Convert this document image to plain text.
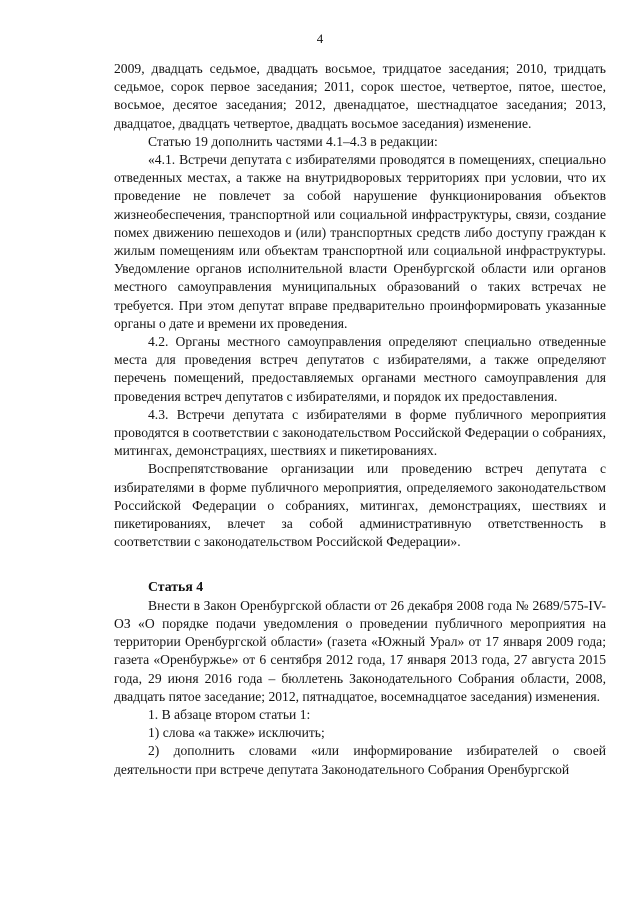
4

2009, двадцать седьмое, двадцать восьмое, тридцатое заседания; 2010, тридцать седьмое, сорок первое заседания; 2011, сорок шестое, четвертое, пятое, шестое, восьмое, десятое заседания; 2012, двенадцатое, шестнадцатое заседания; 2013, двадцатое, двадцать четвертое, двадцать восьмое заседания) изменение.

Статью 19 дополнить частями 4.1–4.3 в редакции:

«4.1. Встречи депутата с избирателями проводятся в помещениях, специально отведенных местах, а также на внутридворовых территориях при условии, что их проведение не повлечет за собой нарушение функционирования объектов жизнеобеспечения, транспортной или социальной инфраструктуры, связи, создание помех движению пешеходов и (или) транспортных средств либо доступу граждан к жилым помещениям или объектам транспортной или социальной инфраструктуры. Уведомление органов исполнительной власти Оренбургской области или органов местного самоуправления муниципальных образований о таких встречах не требуется. При этом депутат вправе предварительно проинформировать указанные органы о дате и времени их проведения.

4.2. Органы местного самоуправления определяют специально отведенные места для проведения встреч депутатов с избирателями, а также определяют перечень помещений, предоставляемых органами местного самоуправления для проведения встреч депутатов с избирателями, и порядок их предоставления.

4.3. Встречи депутата с избирателями в форме публичного мероприятия проводятся в соответствии с законодательством Российской Федерации о собраниях, митингах, демонстрациях, шествиях и пикетированиях.

Воспрепятствование организации или проведению встреч депутата с избирателями в форме публичного мероприятия, определяемого законодательством Российской Федерации о собраниях, митингах, демонстрациях, шествиях и пикетированиях, влечет за собой административную ответственность в соответствии с законодательством Российской Федерации».

Статья 4

Внести в Закон Оренбургской области от 26 декабря 2008 года № 2689/575-IV-ОЗ «О порядке подачи уведомления о проведении публичного мероприятия на территории Оренбургской области» (газета «Южный Урал» от 17 января 2009 года; газета «Оренбуржье» от 6 сентября 2012 года, 17 января 2013 года, 27 августа 2015 года, 29 июня 2016 года – бюллетень Законодательного Собрания области, 2008, двадцать пятое заседание; 2012, пятнадцатое, восемнадцатое заседания) изменения.

1. В абзаце втором статьи 1:

1) слова «а также» исключить;

2) дополнить словами «или информирование избирателей о своей деятельности при встрече депутата Законодательного Собрания Оренбургской
